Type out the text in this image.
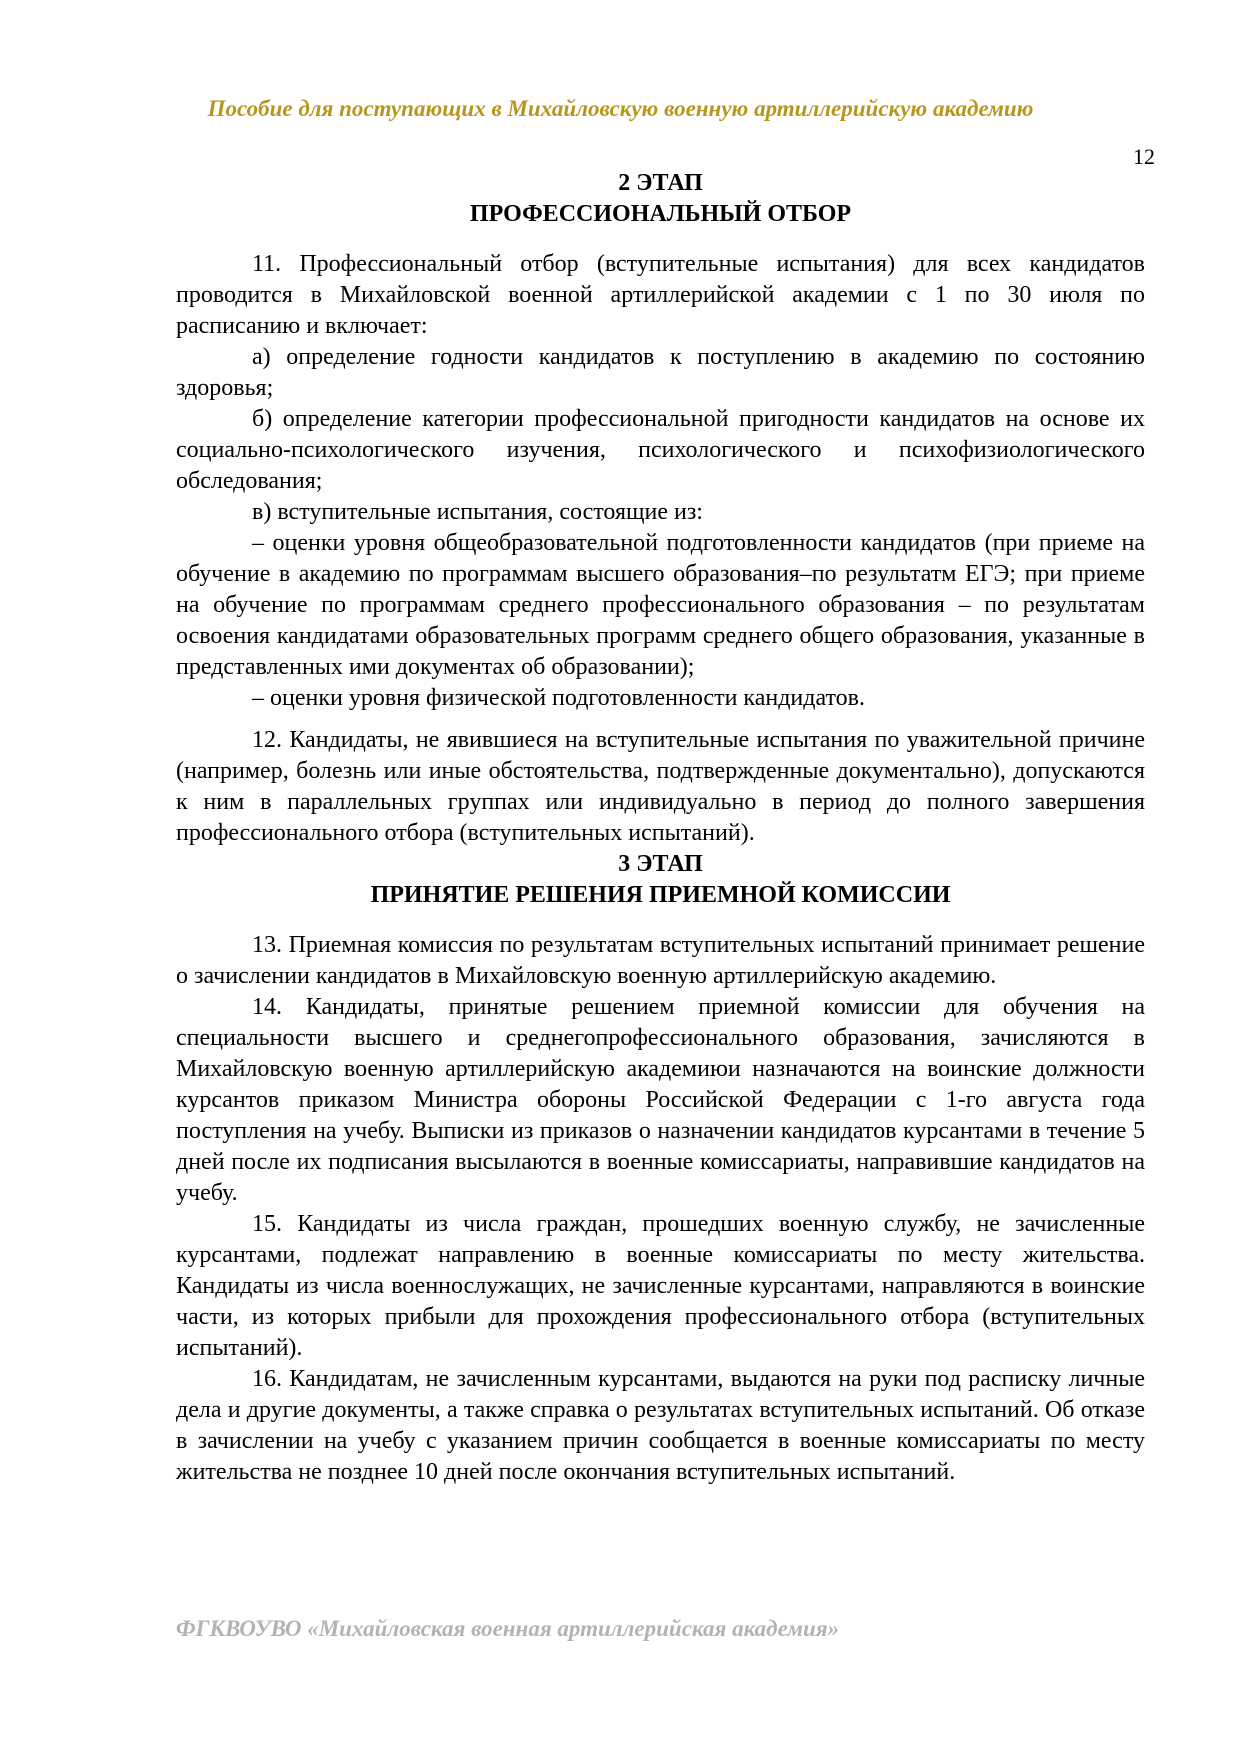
Пособие для поступающих в Михайловскую военную артиллерийскую академию
12
2 ЭТАП
ПРОФЕССИОНАЛЬНЫЙ ОТБОР

11. Профессиональный отбор (вступительные испытания) для всех кандидатов проводится в Михайловской военной артиллерийской академии с 1 по 30 июля по расписанию и включает:

а) определение годности кандидатов к поступлению в академию по состоянию здоровья;

б) определение категории профессиональной пригодности кандидатов на основе их социально-психологического изучения, психологического и психофизиологического обследования;

в) вступительные испытания, состоящие из:

– оценки уровня общеобразовательной подготовленности кандидатов (при приеме на обучение в академию по программам высшего образования–по результатм ЕГЭ; при приеме на обучение по программам среднего профессионального образования – по результатам освоения кандидатами образовательных программ среднего общего образования, указанные в представленных ими документах об образовании);

– оценки уровня физической подготовленности кандидатов.

12. Кандидаты, не явившиеся на вступительные испытания по уважительной причине (например, болезнь или иные обстоятельства, подтвержденные документально), допускаются к ним в параллельных группах или индивидуально в период до полного завершения профессионального отбора (вступительных испытаний).

3 ЭТАП
ПРИНЯТИЕ РЕШЕНИЯ ПРИЕМНОЙ КОМИССИИ

13. Приемная комиссия по результатам вступительных испытаний принимает решение о зачислении кандидатов в Михайловскую военную артиллерийскую академию.

14. Кандидаты, принятые решением приемной комиссии для обучения на специальности высшего и среднегопрофессионального образования, зачисляются в Михайловскую военную артиллерийскую академиюи назначаются на воинские должности курсантов приказом Министра обороны Российской Федерации с 1-го августа года поступления на учебу. Выписки из приказов о назначении кандидатов курсантами в течение 5 дней после их подписания высылаются в военные комиссариаты, направившие кандидатов на учебу.

15. Кандидаты из числа граждан, прошедших военную службу, не зачисленные курсантами, подлежат направлению в военные комиссариаты по месту жительства. Кандидаты из числа военнослужащих, не зачисленные курсантами, направляются в воинские части, из которых прибыли для прохождения профессионального отбора (вступительных испытаний).

16. Кандидатам, не зачисленным курсантами, выдаются на руки под расписку личные дела и другие документы, а также справка о результатах вступительных испытаний. Об отказе в зачислении на учебу с указанием причин сообщается в военные комиссариаты по месту жительства не позднее 10 дней после окончания вступительных испытаний.

ФГКВОУВО «Михайловская военная артиллерийская академия»
